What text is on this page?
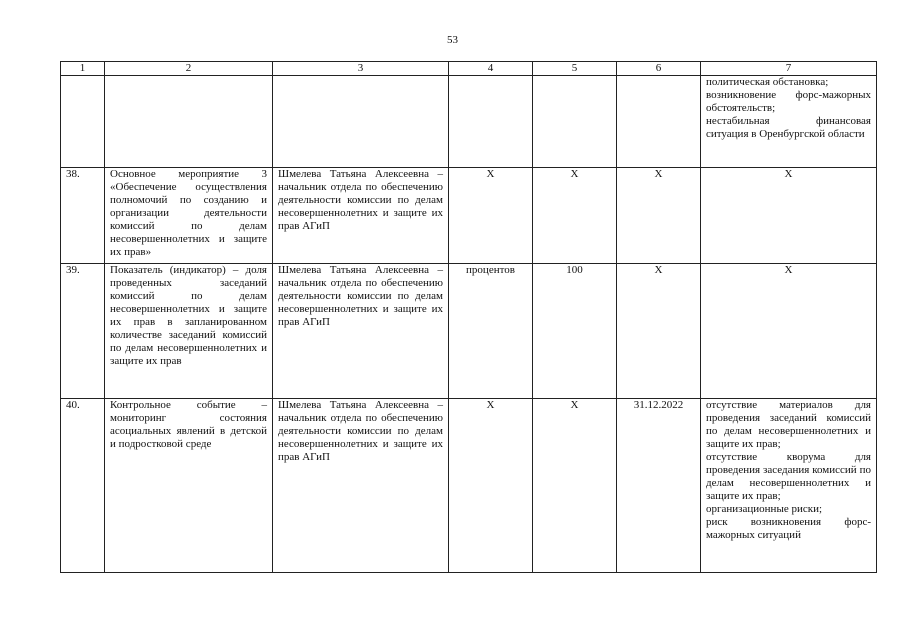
53
1	2	3	4	5	6	7
						политическая обстановка;
возникновение форс-мажорных обстоятельств;
нестабильная финансовая ситуация в Оренбургской области
38.	Основное мероприятие 3 «Обеспечение осуществления полномочий по созданию и организации деятельности комиссий по делам несовершеннолетних и защите их прав»	Шмелева Татьяна Алексеевна – начальник отдела по обеспечению деятельности комиссии по делам несовершеннолетних и защите их прав АГиП	Х	Х	Х	Х
39.	Показатель (индикатор) – доля проведенных заседаний комиссий по делам несовершеннолетних и защите их прав в запланированном количестве заседаний комиссий по делам несовершеннолетних и защите их прав	Шмелева Татьяна Алексеевна – начальник отдела по обеспечению деятельности комиссии по делам несовершеннолетних и защите их прав АГиП	процентов	100	Х	Х
40.	Контрольное событие – мониторинг состояния асоциальных явлений в детской и подростковой среде	Шмелева Татьяна Алексеевна – начальник отдела по обеспечению деятельности комиссии по делам несовершеннолетних и защите их прав АГиП	Х	Х	31.12.2022	отсутствие материалов для проведения заседаний комиссий по делам несовершеннолетних и защите их прав;
отсутствие кворума для проведения заседания комиссий по делам несовершеннолетних и защите их прав;
организационные риски;
риск возникновения форс-мажорных ситуаций
